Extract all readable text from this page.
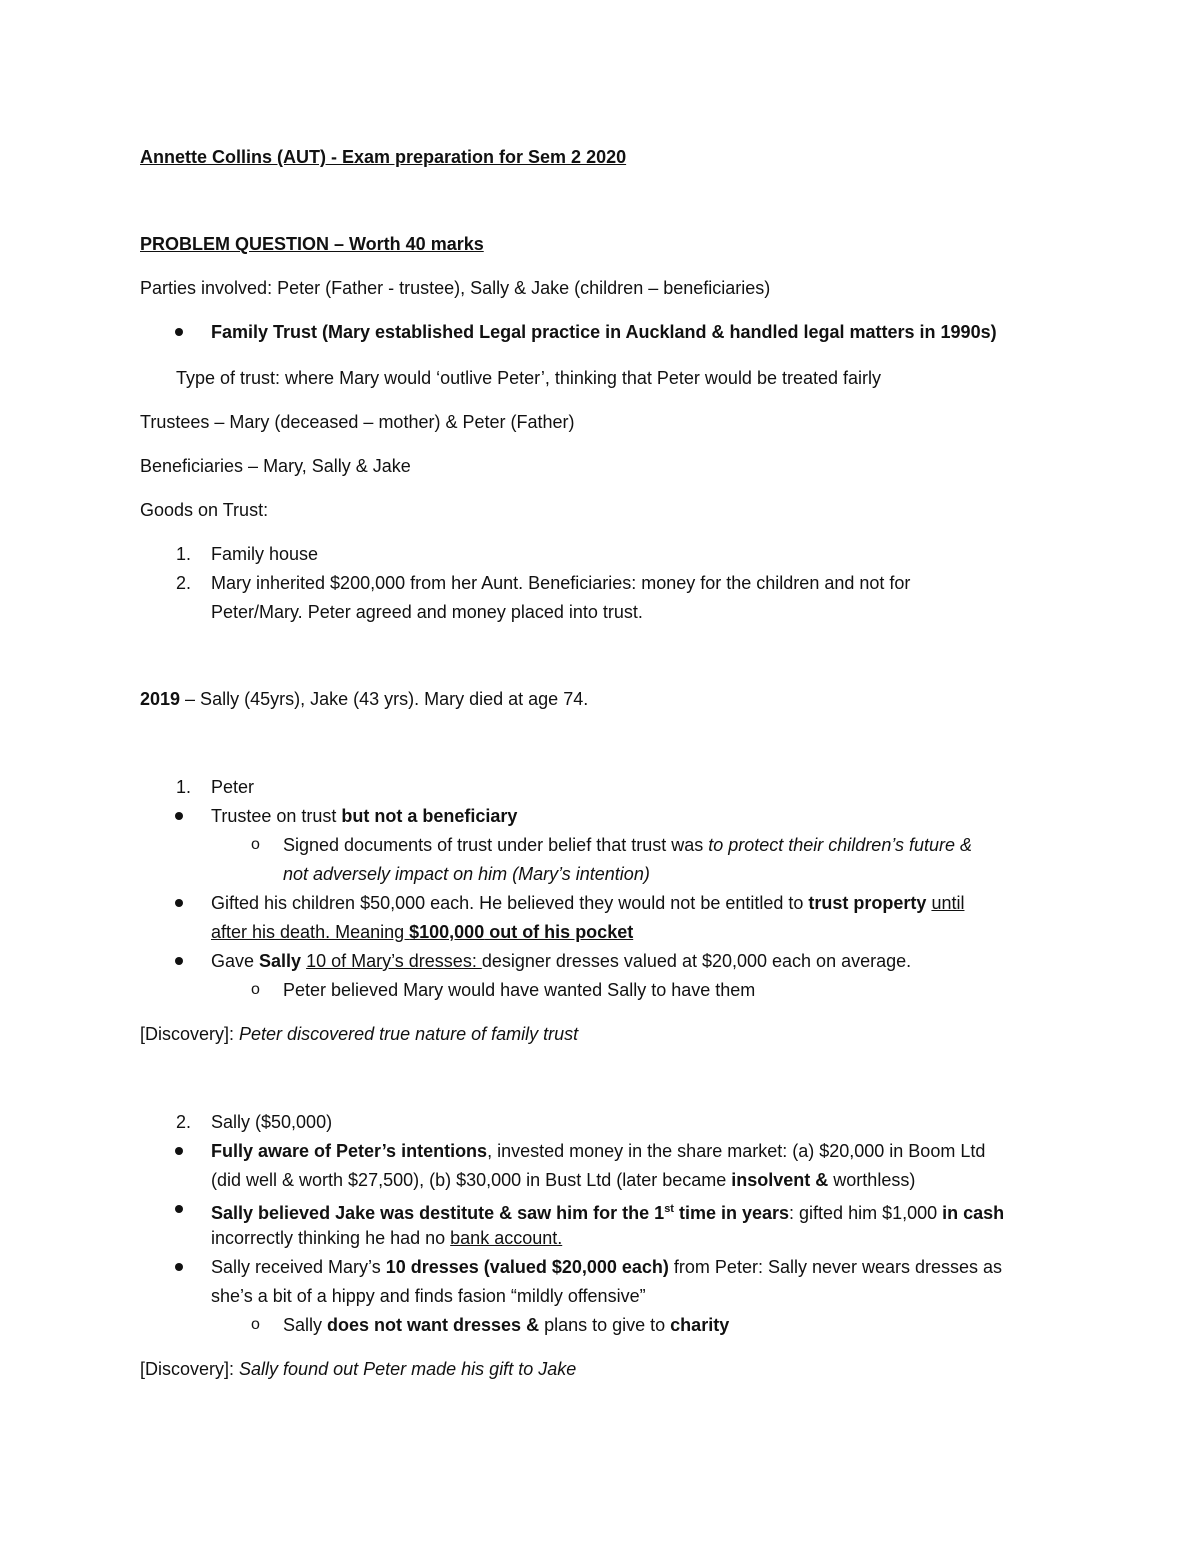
Annette Collins (AUT) - Exam preparation for Sem 2 2020
PROBLEM QUESTION – Worth 40 marks
Parties involved: Peter (Father - trustee), Sally & Jake (children – beneficiaries)
Family Trust (Mary established Legal practice in Auckland & handled legal matters in 1990s)
Type of trust: where Mary would ‘outlive Peter’, thinking that Peter would be treated fairly
Trustees – Mary (deceased – mother) & Peter (Father)
Beneficiaries – Mary, Sally & Jake
Goods on Trust:
1.	Family house
2.	Mary inherited $200,000 from her Aunt. Beneficiaries: money for the children and not for
Peter/Mary. Peter agreed and money placed into trust.
2019 – Sally (45yrs), Jake (43 yrs). Mary died at age 74.
1.	Peter
Trustee on trust but not a beneficiary
o Signed documents of trust under belief that trust was to protect their children’s future &
not adversely impact on him (Mary’s intention)
Gifted his children $50,000 each. He believed they would not be entitled to trust property until
after his death. Meaning $100,000 out of his pocket
Gave Sally 10 of Mary’s dresses: designer dresses valued at $20,000 each on average.
o Peter believed Mary would have wanted Sally to have them
[Discovery]: Peter discovered true nature of family trust
2.	Sally ($50,000)
Fully aware of Peter’s intentions, invested money in the share market: (a) $20,000 in Boom Ltd
(did well & worth $27,500), (b) $30,000 in Bust Ltd (later became insolvent & worthless)
Sally believed Jake was destitute & saw him for the 1st time in years: gifted him $1,000 in cash
incorrectly thinking he had no bank account.
Sally received Mary’s 10 dresses (valued $20,000 each) from Peter: Sally never wears dresses as
she’s a bit of a hippy and finds fasion “mildly offensive”
o Sally does not want dresses & plans to give to charity
[Discovery]: Sally found out Peter made his gift to Jake
